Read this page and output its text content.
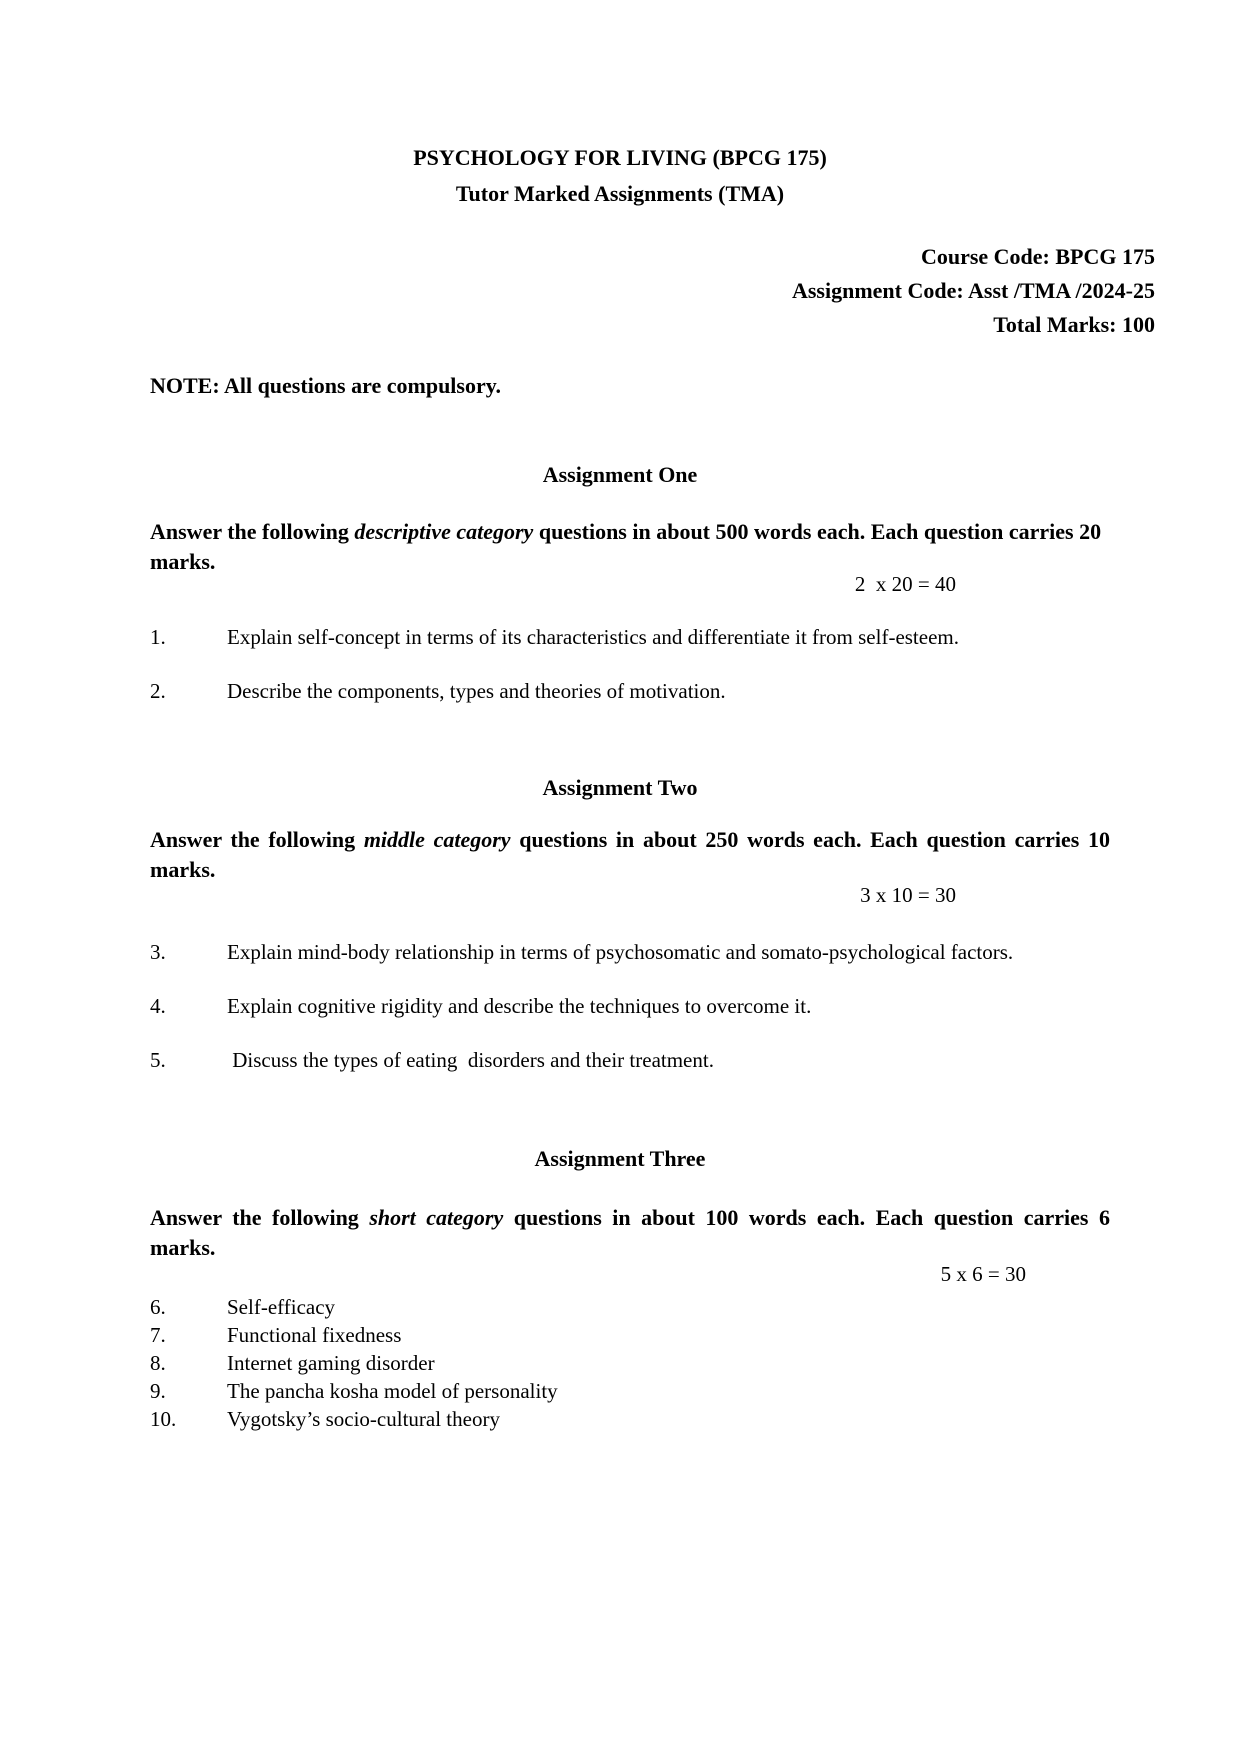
PSYCHOLOGY FOR LIVING (BPCG 175)
Tutor Marked Assignments (TMA)
Course Code: BPCG 175
Assignment Code: Asst /TMA /2024-25
Total Marks: 100
NOTE: All questions are compulsory.
Assignment One
Answer the following descriptive category questions in about 500 words each. Each question carries 20 marks.
2  x 20 = 40
1.	Explain self-concept in terms of its characteristics and differentiate it from self-esteem.
2.	Describe the components, types and theories of motivation.
Assignment Two
Answer the following middle category questions in about 250 words each. Each question carries 10 marks.
3 x 10 = 30
3.	Explain mind-body relationship in terms of psychosomatic and somato-psychological factors.
4.	Explain cognitive rigidity and describe the techniques to overcome it.
5.	Discuss the types of eating  disorders and their treatment.
Assignment Three
Answer the following short category questions in about 100 words each. Each question carries 6 marks.
5 x 6 = 30
6.	Self-efficacy
7.	Functional fixedness
8.	Internet gaming disorder
9.	The pancha kosha model of personality
10. Vygotsky’s socio-cultural theory
